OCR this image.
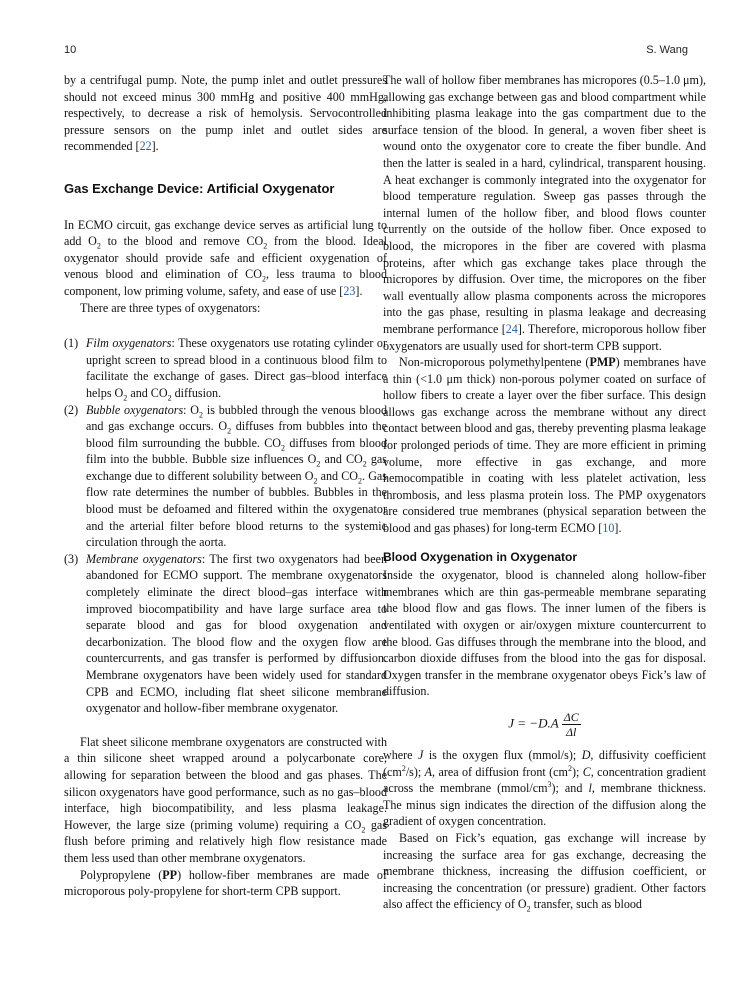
10	S. Wang

by a centrifugal pump. Note, the pump inlet and outlet pressures should not exceed minus 300 mmHg and positive 400 mmHg, respectively, to decrease a risk of hemolysis. Servocontrolled pressure sensors on the pump inlet and outlet sides are recommended [22].

Gas Exchange Device: Artificial Oxygenator

In ECMO circuit, gas exchange device serves as artificial lung to add $O_2$ to the blood and remove $CO_2$ from the blood. Ideal oxygenator should provide safe and efficient oxygenation of venous blood and elimination of $CO_2$, less trauma to blood component, low priming volume, safety, and ease of use [23].

There are three types of oxygenators:

(1) Film oxygenators: These oxygenators use rotating cylinder or upright screen to spread blood in a continuous blood film to facilitate the exchange of gases. Direct gas–blood interface helps $O_2$ and $CO_2$ diffusion.
(2) Bubble oxygenators: $O_2$ is bubbled through the venous blood and gas exchange occurs. $O_2$ diffuses from bubbles into the blood film surrounding the bubble. $CO_2$ diffuses from blood film into the bubble. Bubble size influences $O_2$ and $CO_2$ gas exchange due to different solubility between $O_2$ and $CO_2$. Gas flow rate determines the number of bubbles. Bubbles in the blood must be defoamed and filtered within the oxygenator and the arterial filter before blood returns to the systemic circulation through the aorta.
(3) Membrane oxygenators: The first two oxygenators had been abandoned for ECMO support. The membrane oxygenators completely eliminate the direct blood–gas interface with improved biocompatibility and have large surface area to separate blood and gas for blood oxygenation and decarbonization. The blood flow and the oxygen flow are countercurrents, and gas transfer is performed by diffusion. Membrane oxygenators have been widely used for standard CPB and ECMO, including flat sheet silicone membrane oxygenator and hollow-fiber membrane oxygenator.

Flat sheet silicone membrane oxygenators are constructed with a thin silicone sheet wrapped around a polycarbonate core, allowing for separation between the blood and gas phases. The silicon oxygenators have good performance, such as no gas–blood interface, high biocompatibility, and less plasma leakage. However, the large size (priming volume) requiring a $CO_2$ gas flush before priming and relatively high flow resistance made them less used than other membrane oxygenators.

Polypropylene (PP) hollow-fiber membranes are made of microporous poly-propylene for short-term CPB support.

The wall of hollow fiber membranes has micropores (0.5–1.0 μm), allowing gas exchange between gas and blood compartment while inhibiting plasma leakage into the gas compartment due to the surface tension of the blood. In general, a woven fiber sheet is wound onto the oxygenator core to create the fiber bundle. And then the latter is sealed in a hard, cylindrical, transparent housing. A heat exchanger is commonly integrated into the oxygenator for blood temperature regulation. Sweep gas passes through the internal lumen of the hollow fiber, and blood flows counter currently on the outside of the hollow fiber. Once exposed to blood, the micropores in the fiber are covered with plasma proteins, after which gas exchange takes place through the micropores by diffusion. Over time, the micropores on the fiber wall eventually allow plasma components across the micropores into the gas phase, resulting in plasma leakage and decreasing membrane performance [24]. Therefore, microporous hollow fiber oxygenators are usually used for short-term CPB support.

Non-microporous polymethylpentene (PMP) membranes have a thin (<1.0 μm thick) non-porous polymer coated on surface of hollow fibers to create a layer over the fiber surface. This design allows gas exchange across the membrane without any direct contact between blood and gas, thereby preventing plasma leakage for prolonged periods of time. They are more efficient in priming volume, more effective in gas exchange, and more hemocompatible in coating with less platelet activation, less thrombosis, and less plasma protein loss. The PMP oxygenators are considered true membranes (physical separation between the blood and gas phases) for long-term ECMO [10].

Blood Oxygenation in Oxygenator

Inside the oxygenator, blood is channeled along hollow-fiber membranes which are thin gas-permeable membrane separating the blood flow and gas flows. The inner lumen of the fibers is ventilated with oxygen or air/oxygen mixture countercurrent to the blood. Gas diffuses through the membrane into the blood, and carbon dioxide diffuses from the blood into the gas for disposal. Oxygen transfer in the membrane oxygenator obeys Fick’s law of diffusion.

$J = -D.A \frac{\Delta C}{\Delta l}$

where J is the oxygen flux (mmol/s); D, diffusivity coefficient $(cm^2/s)$; A, area of diffusion front $(cm^2)$; C, concentration gradient across the membrane $(mmol/cm^3)$; and l, membrane thickness. The minus sign indicates the direction of the diffusion along the gradient of oxygen concentration.

Based on Fick’s equation, gas exchange will increase by increasing the surface area for gas exchange, decreasing the membrane thickness, increasing the diffusion coefficient, or increasing the concentration (or pressure) gradient. Other factors also affect the efficiency of $O_2$ transfer, such as blood
